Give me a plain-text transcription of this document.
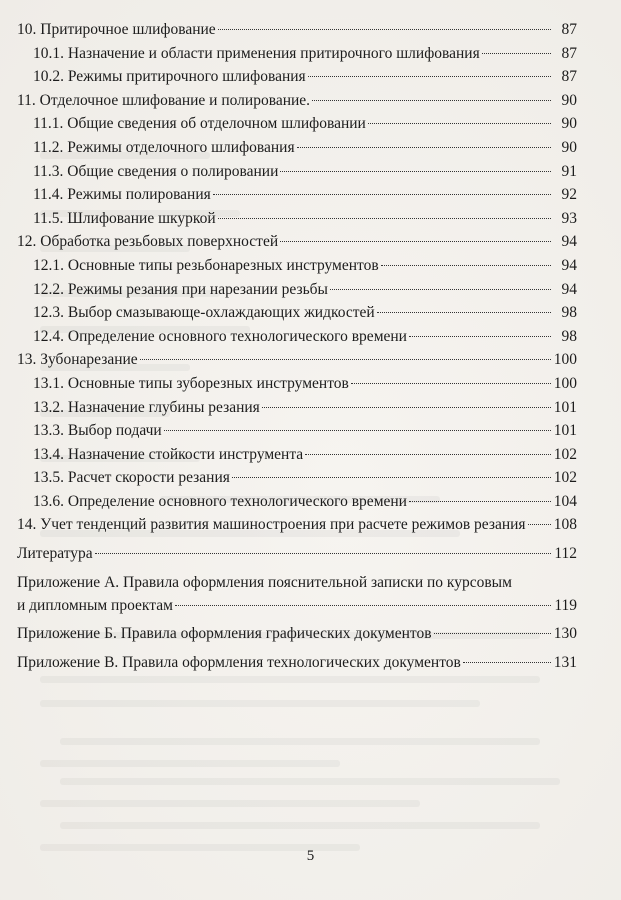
10. Притирочное шлифование	87
10.1. Назначение и области применения притирочного шлифования	87
10.2. Режимы притирочного шлифования	87
11. Отделочное шлифование и полирование.	90
11.1. Общие сведения об отделочном шлифовании	90
11.2. Режимы отделочного шлифования	90
11.3. Общие сведения о полировании	91
11.4. Режимы полирования	92
11.5. Шлифование шкуркой	93
12. Обработка резьбовых поверхностей	94
12.1. Основные типы резьбонарезных инструментов	94
12.2. Режимы резания при нарезании резьбы	94
12.3. Выбор смазывающе-охлаждающих жидкостей	98
12.4. Определение основного технологического времени	98
13. Зубонарезание	100
13.1. Основные типы зуборезных инструментов	100
13.2. Назначение глубины резания	101
13.3. Выбор подачи	101
13.4. Назначение стойкости инструмента	102
13.5. Расчет скорости резания	102
13.6. Определение основного технологического времени	104
14. Учет тенденций развития машиностроения при расчете режимов резания 108
Литература	112
Приложение А. Правила оформления пояснительной записки по курсовым
и дипломным проектам	119
Приложение Б. Правила оформления графических документов	130
Приложение В. Правила оформления технологических документов	131
5
